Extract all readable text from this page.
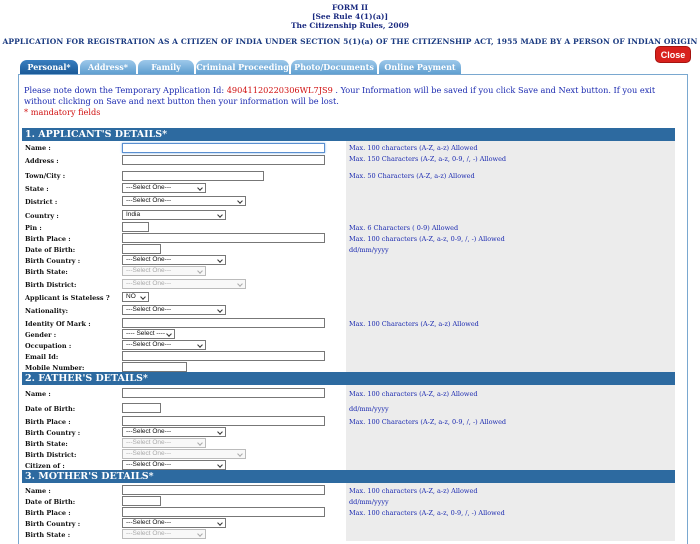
FORM II
[See Rule 4(1)(a)]
The Citizenship Rules, 2009
APPLICATION FOR REGISTRATION AS A CITIZEN OF INDIA UNDER SECTION 5(1)(a) OF THE CITIZENSHIP ACT, 1955 MADE BY A PERSON OF INDIAN ORIGIN
Close
Personal*	Address*	Family	Criminal Proceeding Photo/Documents	Online Payment
Please note down the Temporary Application Id: 49041120220306WL7JS9 . Your Information will be saved if you click Save and Next button. If you exit without clicking on Save and next button then your information will be lost.
* mandatory fields
1. APPLICANT'S DETAILS*
Name :	Max. 100 characters (A-Z, a-z) Allowed
Address :	Max. 150 Characters (A-Z, a-z, 0-9, /, -) Allowed
Town/City :	Max. 50 Characters (A-Z, a-z) Allowed
State :	---Select One---
District :	---Select One---
Country :	India
Pin :	Max. 6 Characters ( 0-9) Allowed
Birth Place :	Max. 100 characters (A-Z, a-z, 0-9, /, -) Allowed
Date of Birth:	dd/mm/yyyy
Birth Country :	---Select One---
Birth State:	---Select One---
Birth District:	---Select One---
Applicant is Stateless ?	NO
Nationality:	---Select One---
Identity Of Mark :	Max. 100 Characters (A-Z, a-z) Allowed
Gender :	---- Select ----
Occupation :	---Select One---
Email Id:
Mobile Number:
2. FATHER'S DETAILS*
Name :	Max. 100 characters (A-Z, a-z) Allowed
Date of Birth:	dd/mm/yyyy
Birth Place :	Max. 100 Characters (A-Z, a-z, 0-9, /, -) Allowed
Birth Country :	---Select One---
Birth State:	---Select One---
Birth District:	---Select One---
Citizen of :	---Select One---
3. MOTHER'S DETAILS*
Name :	Max. 100 characters (A-Z, a-z) Allowed
Date of Birth:	dd/mm/yyyy
Birth Place :	Max. 100 characters (A-Z, a-z, 0-9, /, -) Allowed
Birth Country :	---Select One---
Birth State :	---Select One---
